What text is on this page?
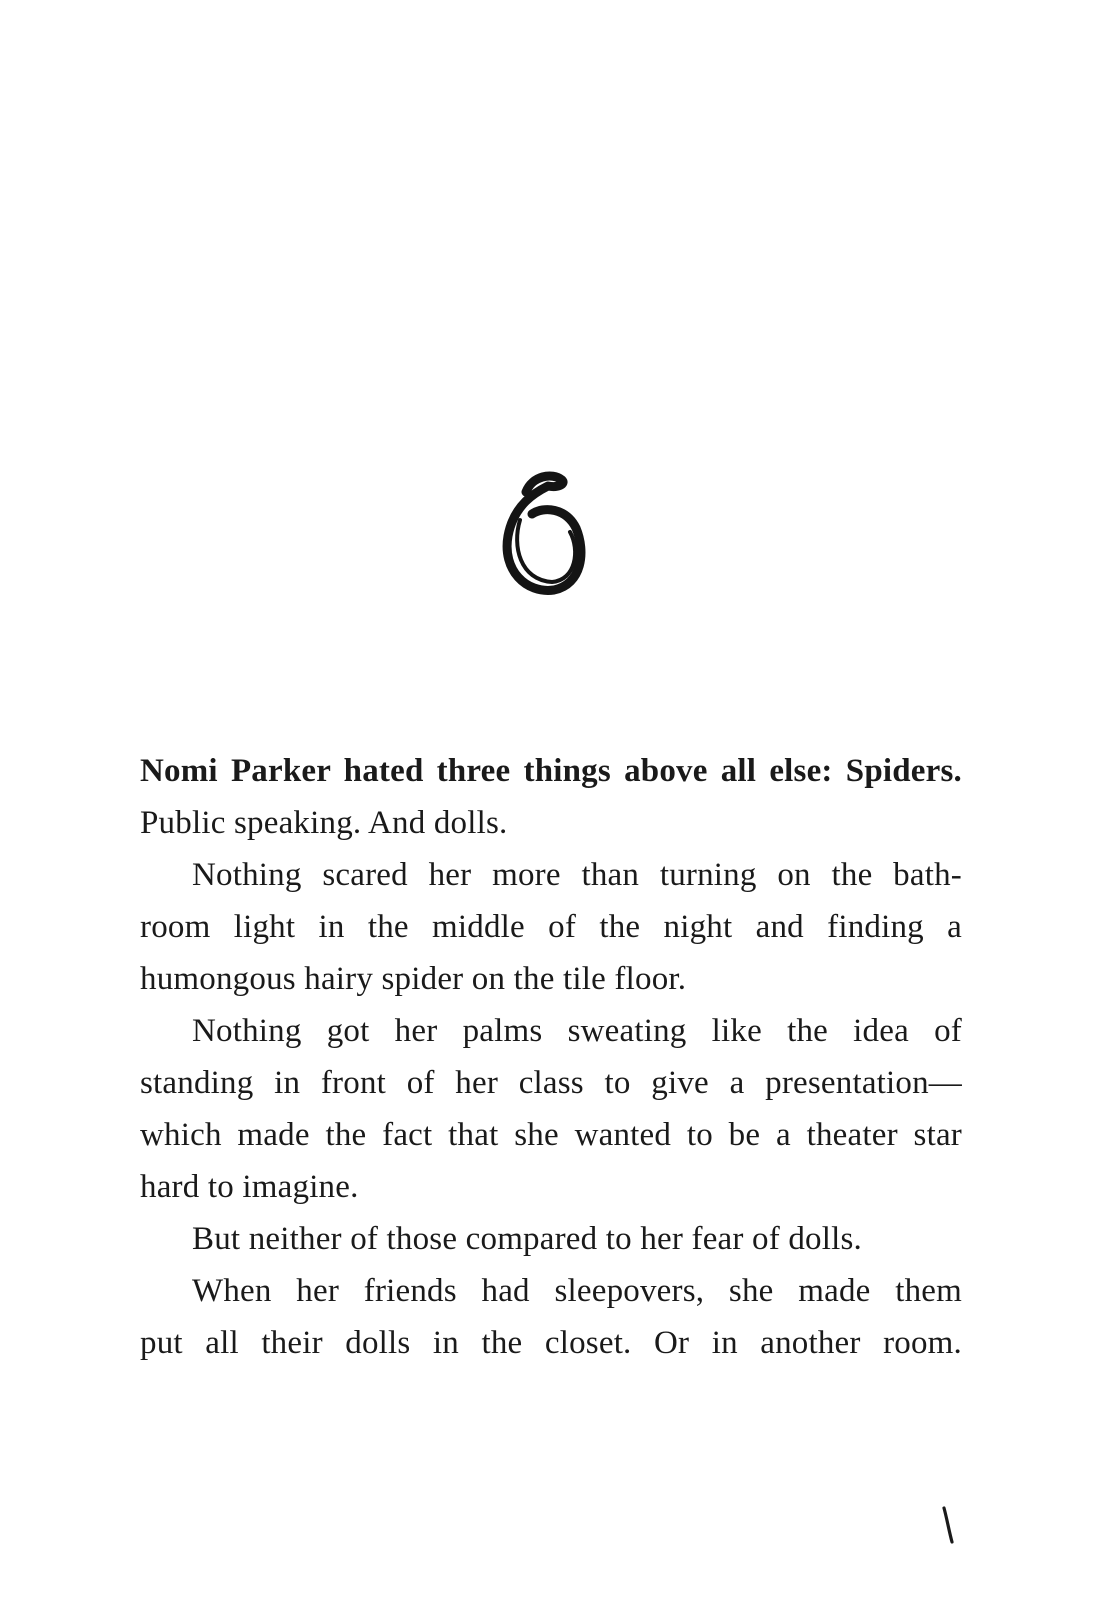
Nomi Parker hated three things above all else: Spiders.
Public speaking. And dolls.
Nothing scared her more than turning on the bath-
room light in the middle of the night and finding a
humongous hairy spider on the tile floor.
Nothing got her palms sweating like the idea of
standing in front of her class to give a presentation—
which made the fact that she wanted to be a theater star
hard to imagine.
But neither of those compared to her fear of dolls.
When her friends had sleepovers, she made them
put all their dolls in the closet. Or in another room.
